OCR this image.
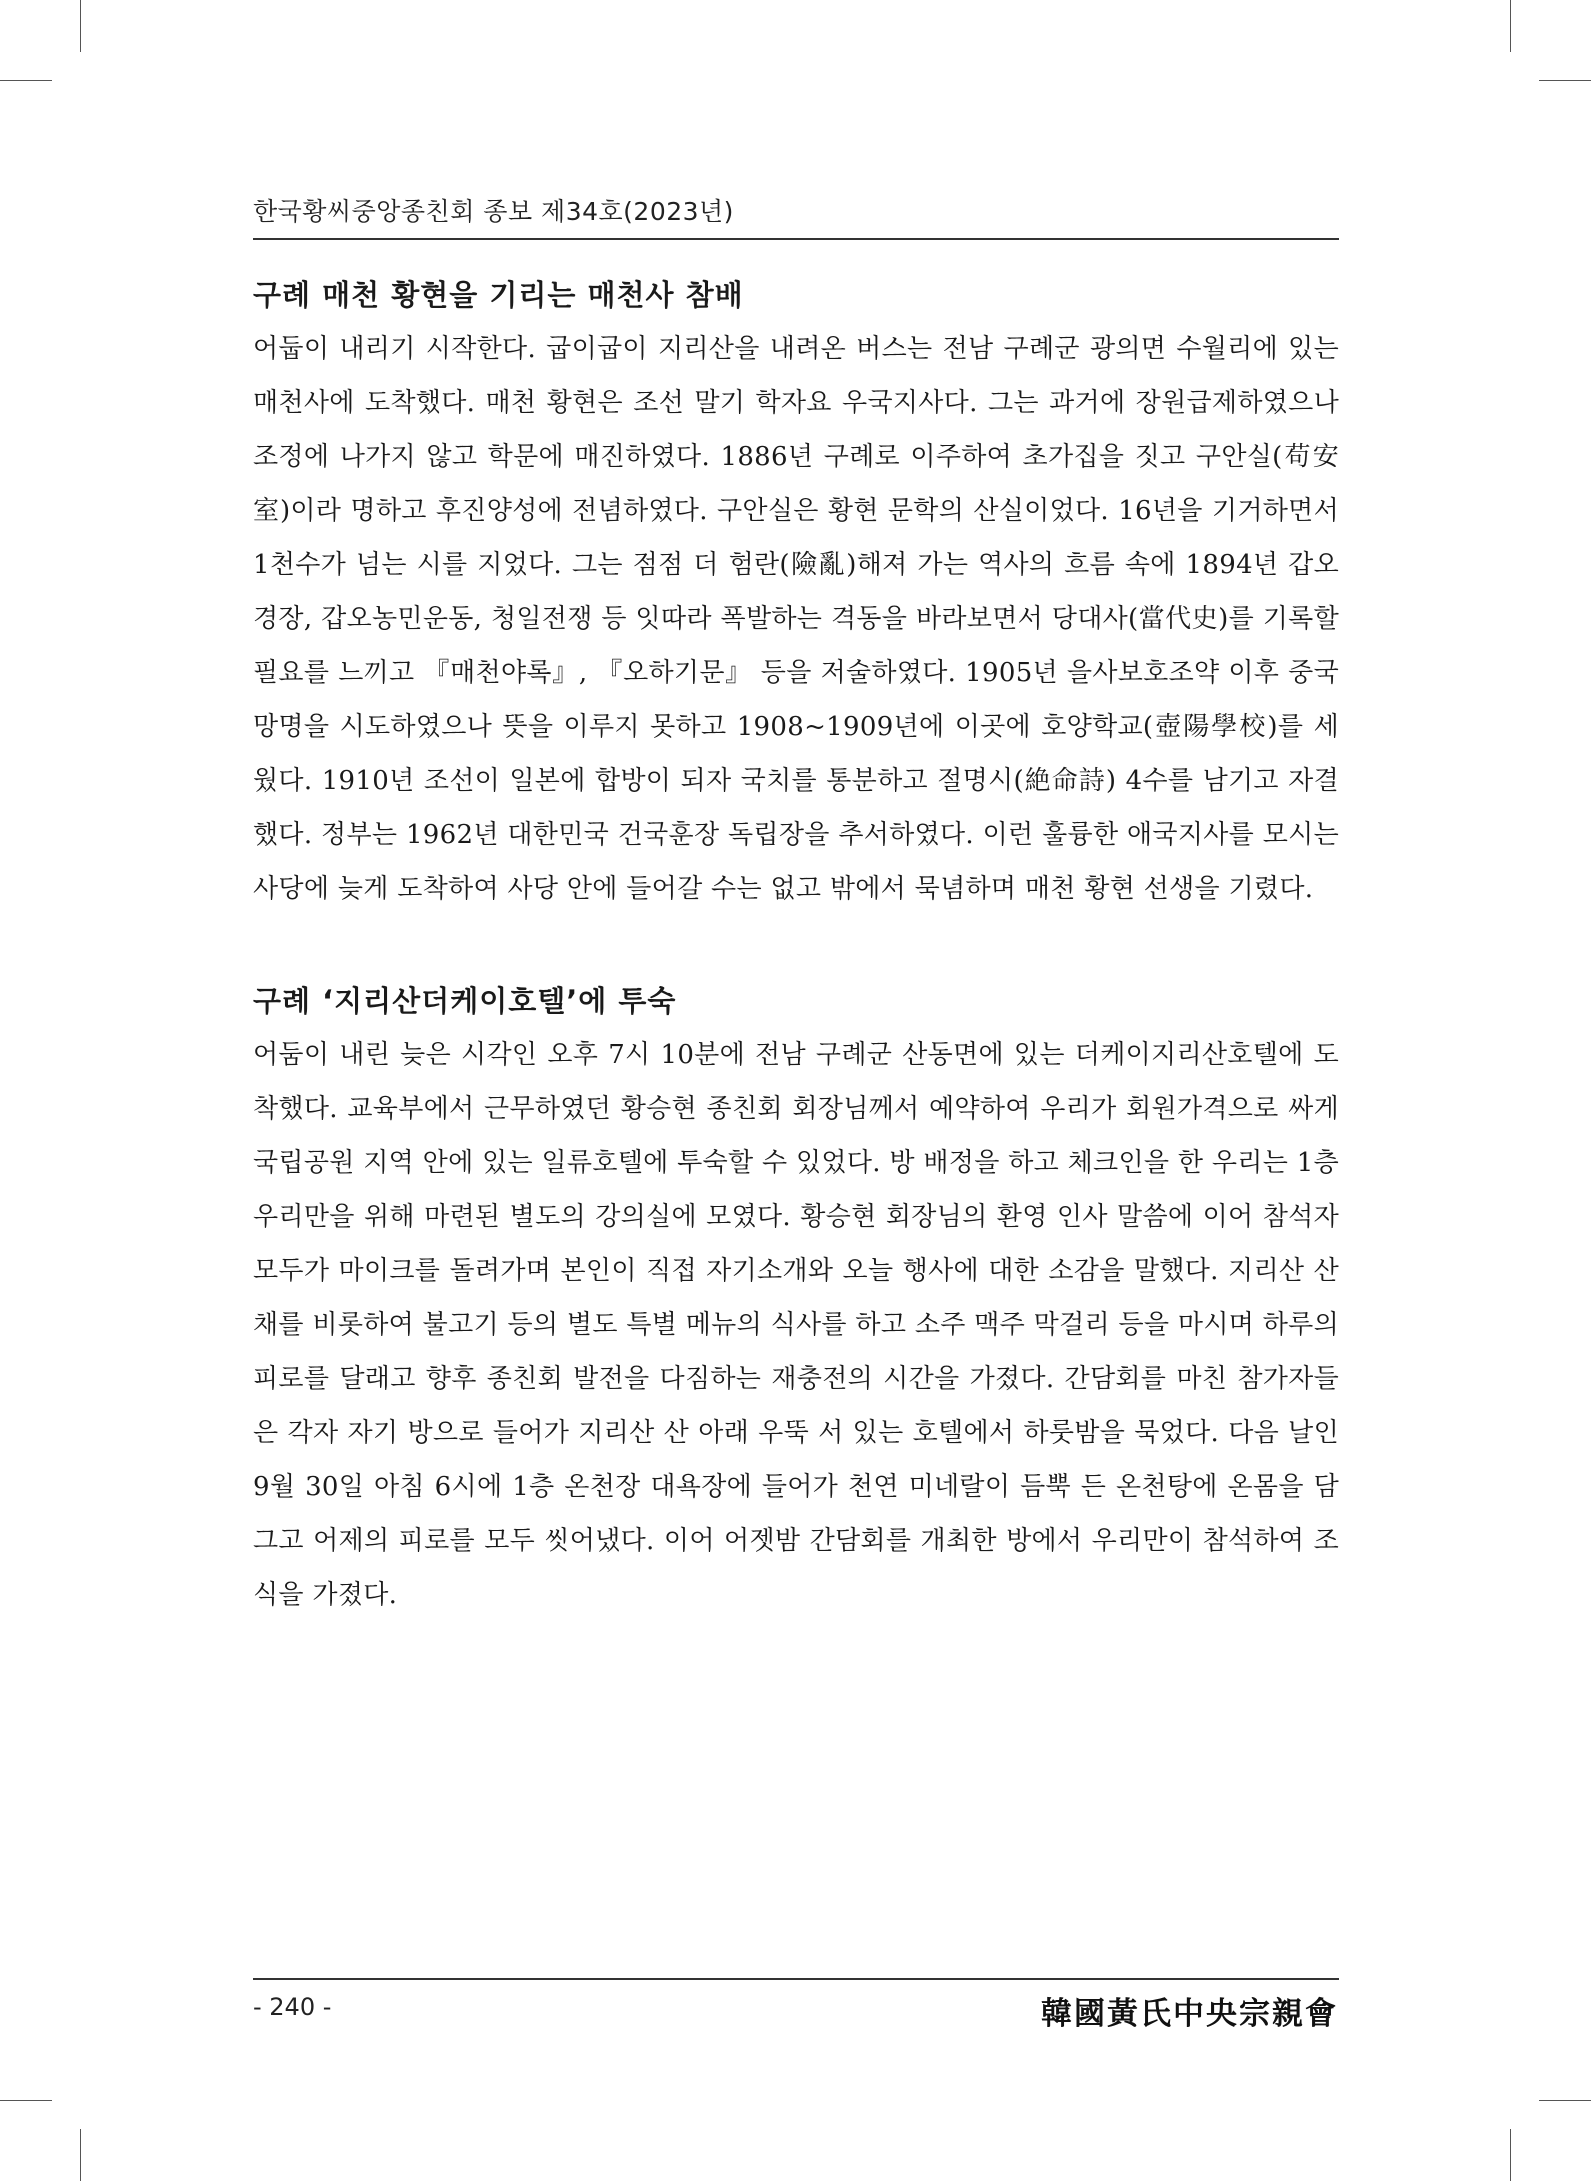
한국황씨중앙종친회 종보 제34호(2023년)
구례 매천 황현을 기리는 매천사 참배

어둡이 내리기 시작한다. 굽이굽이 지리산을 내려온 버스는 전남 구례군 광의면 수월리에 있는 매천사에 도착했다. 매천 황현은 조선 말기 학자요 우국지사다. 그는 과거에 장원급제하였으나 조정에 나가지 않고 학문에 매진하였다. 1886년 구례로 이주하여 초가집을 짓고 구안실(苟安室)이라 명하고 후진양성에 전념하였다. 구안실은 황현 문학의 산실이었다. 16년을 기거하면서 1천수가 넘는 시를 지었다. 그는 점점 더 험란(險亂)해져 가는 역사의 흐름 속에 1894년 갑오경장, 갑오농민운동, 청일전쟁 등 잇따라 폭발하는 격동을 바라보면서 당대사(當代史)를 기록할 필요를 느끼고 『매천야록』, 『오하기문』 등을 저술하였다. 1905년 을사보호조약 이후 중국 망명을 시도하였으나 뜻을 이루지 못하고 1908~1909년에 이곳에 호양학교(壺陽學校)를 세웠다. 1910년 조선이 일본에 합방이 되자 국치를 통분하고 절명시(絶命詩) 4수를 남기고 자결했다. 정부는 1962년 대한민국 건국훈장 독립장을 추서하였다. 이런 훌륭한 애국지사를 모시는 사당에 늦게 도착하여 사당 안에 들어갈 수는 없고 밖에서 묵념하며 매천 황현 선생을 기렸다.

구례 ‘지리산더케이호텔’에 투숙

어둠이 내린 늦은 시각인 오후 7시 10분에 전남 구례군 산동면에 있는 더케이지리산호텔에 도착했다. 교육부에서 근무하였던 황승현 종친회 회장님께서 예약하여 우리가 회원가격으로 싸게 국립공원 지역 안에 있는 일류호텔에 투숙할 수 있었다. 방 배정을 하고 체크인을 한 우리는 1층 우리만을 위해 마련된 별도의 강의실에 모였다. 황승현 회장님의 환영 인사 말씀에 이어 참석자 모두가 마이크를 돌려가며 본인이 직접 자기소개와 오늘 행사에 대한 소감을 말했다. 지리산 산채를 비롯하여 불고기 등의 별도 특별 메뉴의 식사를 하고 소주 맥주 막걸리 등을 마시며 하루의 피로를 달래고 향후 종친회 발전을 다짐하는 재충전의 시간을 가졌다. 간담회를 마친 참가자들은 각자 자기 방으로 들어가 지리산 산 아래 우뚝 서 있는 호텔에서 하룻밤을 묵었다. 다음 날인 9월 30일 아침 6시에 1층 온천장 대욕장에 들어가 천연 미네랄이 듬뿍 든 온천탕에 온몸을 담그고 어제의 피로를 모두 씻어냈다. 이어 어젯밤 간담회를 개최한 방에서 우리만이 참석하여 조식을 가졌다.

- 240 -	韓國黃氏中央宗親會
